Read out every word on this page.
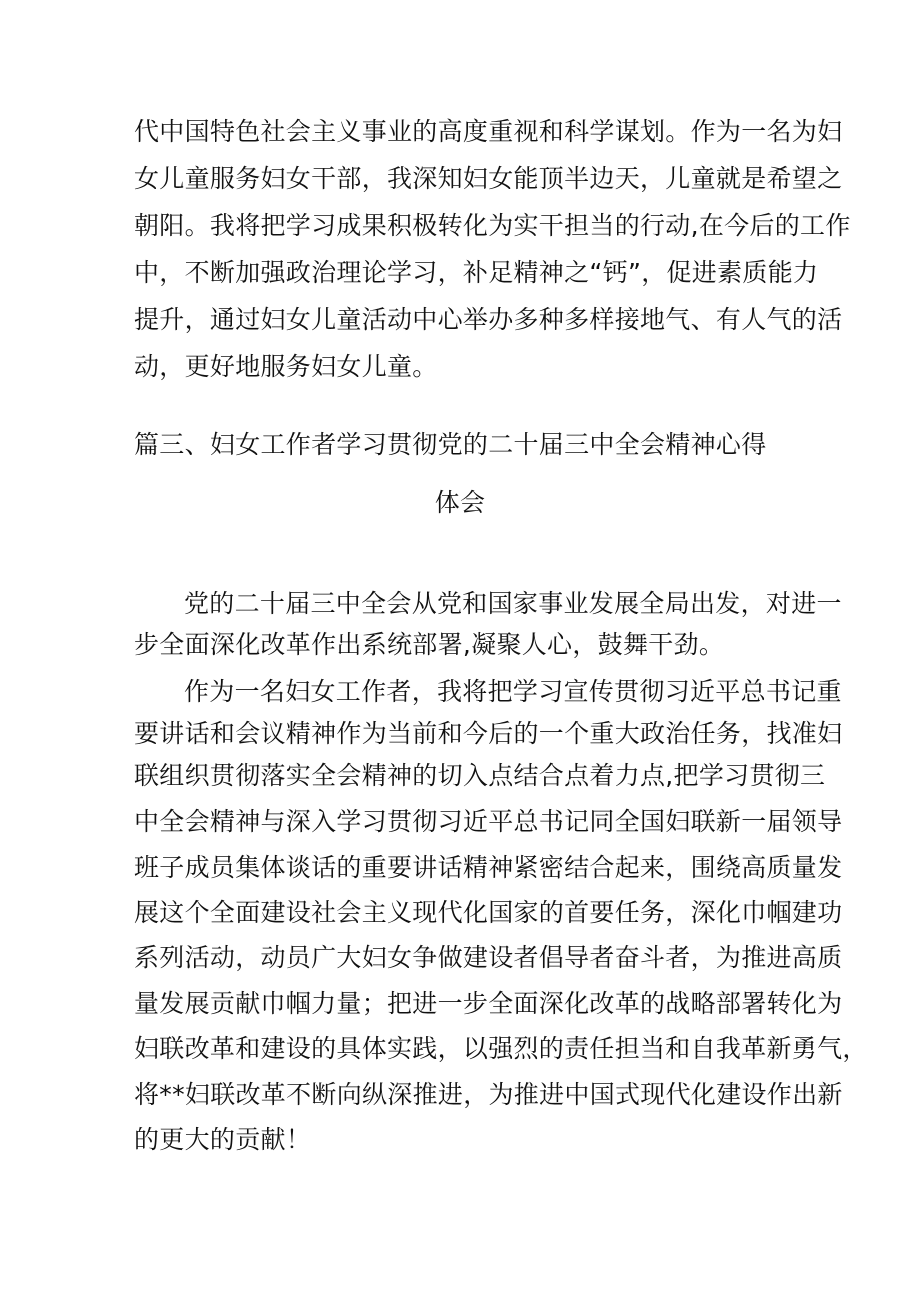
代中国特色社会主义事业的高度重视和科学谋划。作为一名为妇
女儿童服务妇女干部，我深知妇女能顶半边天，儿童就是希望之
朝阳。我将把学习成果积极转化为实干担当的行动,在今后的工作
中，不断加强政治理论学习，补足精神之“钙”，促进素质能力
提升，通过妇女儿童活动中心举办多种多样接地气、有人气的活
动，更好地服务妇女儿童。
篇三、妇女工作者学习贯彻党的二十届三中全会精神心得
体会
党的二十届三中全会从党和国家事业发展全局出发，对进一
步全面深化改革作出系统部署,凝聚人心，鼓舞干劲。
作为一名妇女工作者，我将把学习宣传贯彻习近平总书记重
要讲话和会议精神作为当前和今后的一个重大政治任务，找准妇
联组织贯彻落实全会精神的切入点结合点着力点,把学习贯彻三
中全会精神与深入学习贯彻习近平总书记同全国妇联新一届领导
班子成员集体谈话的重要讲话精神紧密结合起来，围绕高质量发
展这个全面建设社会主义现代化国家的首要任务，深化巾帼建功
系列活动，动员广大妇女争做建设者倡导者奋斗者，为推进高质
量发展贡献巾帼力量；把进一步全面深化改革的战略部署转化为
妇联改革和建设的具体实践，以强烈的责任担当和自我革新勇气，
将**妇联改革不断向纵深推进，为推进中国式现代化建设作出新
的更大的贡献！
